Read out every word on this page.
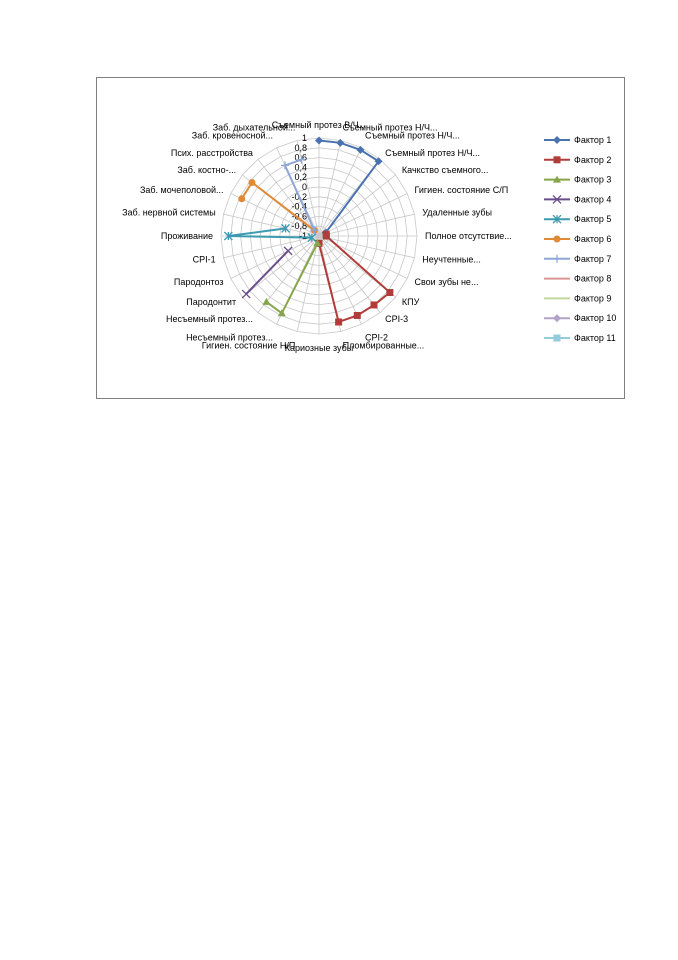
-1
-0,8
-0,6
-0,4
-0,2
0
0,2
0,4
0,6
0,8
1
Съемный протез В/Ч...
Съемный протез Н/Ч...
Съемный протез Н/Ч...
Съемный протез Н/Ч...
Качкство съемного...
Гигиен. состояние С/П
Удаленные зубы
Полное отсутствие...
Неучтенные...
Свои зубы не...
КПУ
CPI-3
CPI-2
Пломбированные...
Кариозные зубы
Гигиен. состояние Н/П
Несъемный протез...
Несъемный протез...
Пародонтит
Пародонтоз
CPI-1
Проживание
Заб. нервной системы
Заб. мочеполовой...
Заб. костно-...
Псих. расстройства
Заб. кровеносной...
Заб. дыхательной...
Фактор 1
Фактор 2
Фактор 3
Фактор 4
Фактор 5
Фактор 6
Фактор 7
Фактор 8
Фактор 9
Фактор 10
Фактор 11
